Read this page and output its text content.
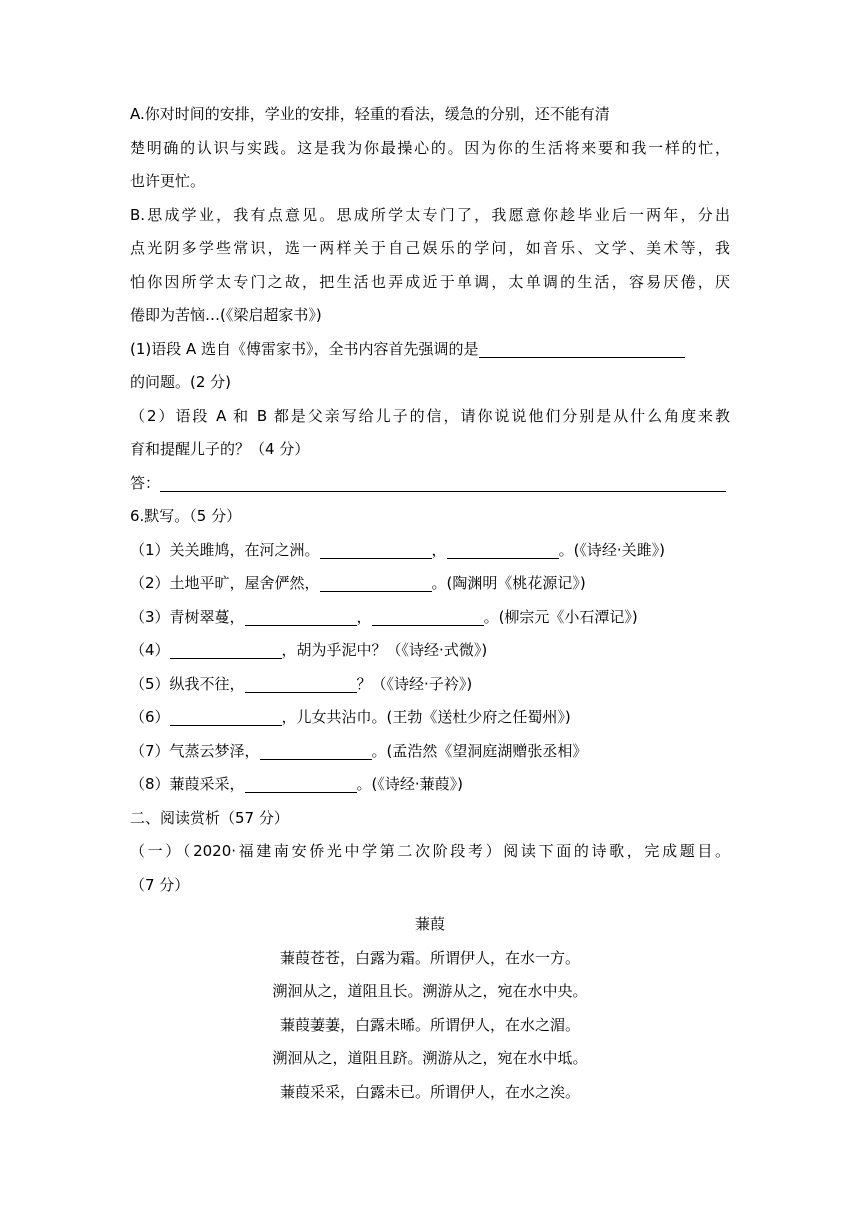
A.你对时间的安排，学业的安排，轻重的看法，缓急的分别，还不能有清
楚明确的认识与实践。这是我为你最操心的。因为你的生活将来要和我一样的忙，
也许更忙。
B.思成学业，我有点意见。思成所学太专门了，我愿意你趁毕业后一两年，分出
点光阴多学些常识，选一两样关于自己娱乐的学问，如音乐、文学、美术等，我
怕你因所学太专门之故，把生活也弄成近于单调，太单调的生活，容易厌倦，厌
倦即为苦恼…(《梁启超家书》)
(1)语段 A 选自《傅雷家书》，全书内容首先强调的是
的问题。(2 分)
（2）语段 A 和 B 都是父亲写给儿子的信，请你说说他们分别是从什么角度来教
育和提醒儿子的？（4 分）
答：
6.默写。（5 分）
（1）关关雎鸠，在河之洲。	，	。(《诗经·关雎》)
（2）土地平旷，屋舍俨然，	。(陶渊明《桃花源记》)
（3）青树翠蔓，	，	。(柳宗元《小石潭记》)
（4）	，胡为乎泥中？（《诗经·式微》)
（5）纵我不往，	？（《诗经·子衿》)
（6）	，儿女共沾巾。(王勃《送杜少府之任蜀州》)
（7）气蒸云梦泽，	。(孟浩然《望洞庭湖赠张丞相》
（8）蒹葭采采，	。(《诗经·蒹葭》)
二、阅读赏析（57 分）
（一）（2020·福建南安侨光中学第二次阶段考）阅读下面的诗歌，完成题目。
（7 分）
蒹葭
蒹葭苍苍，白露为霜。所谓伊人，在水一方。
溯洄从之，道阻且长。溯游从之，宛在水中央。
蒹葭萋萋，白露未晞。所谓伊人，在水之湄。
溯洄从之，道阻且跻。溯游从之，宛在水中坻。
蒹葭采采，白露未已。所谓伊人，在水之涘。
